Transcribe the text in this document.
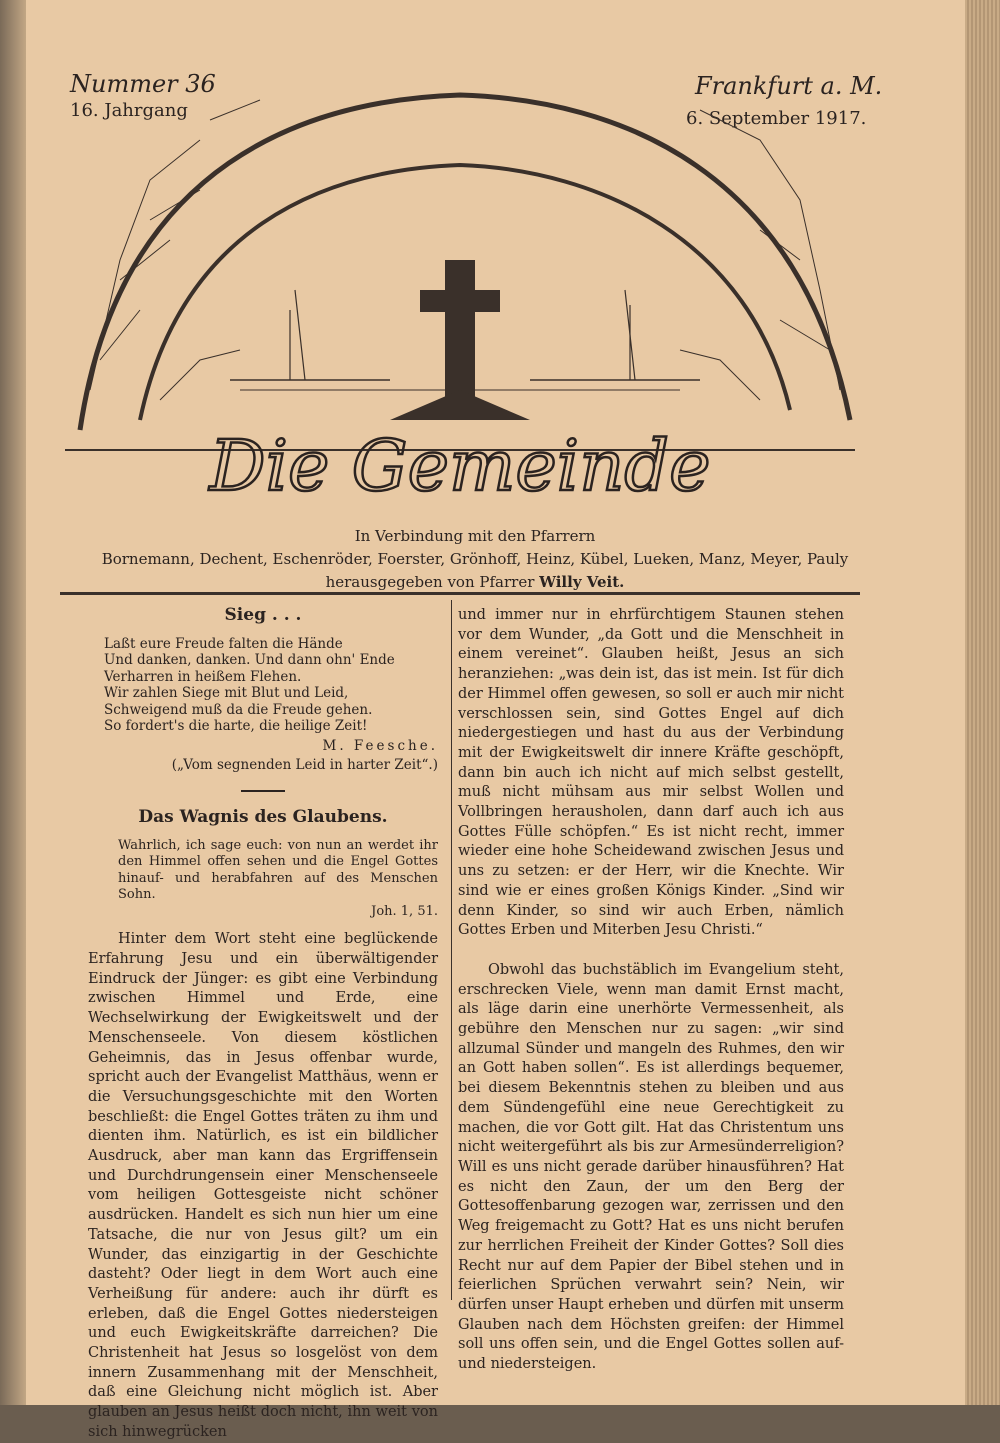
Nummer 36
16. Jahrgang
Frankfurt a. M.
6. September 1917.
Die Gemeinde
In Verbindung mit den Pfarrern
Bornemann, Dechent, Eschenröder, Foerster, Grönhoff, Heinz, Kübel, Lueken, Manz, Meyer, Pauly
herausgegeben von Pfarrer Willy Veit.
Sieg . . .
Laßt eure Freude falten die Hände
Und danken, danken. Und dann ohn' Ende
Verharren in heißem Flehen.
Wir zahlen Siege mit Blut und Leid,
Schweigend muß da die Freude gehen.
So fordert's die harte, die heilige Zeit!
M. Feesche.
(„Vom segnenden Leid in harter Zeit“.)
Das Wagnis des Glaubens.
Wahrlich, ich sage euch: von nun an werdet ihr den Himmel offen sehen und die Engel Gottes hinauf- und herabfahren auf des Menschen Sohn.
Joh. 1, 51.

Hinter dem Wort steht eine beglückende Erfahrung Jesu und ein überwältigender Eindruck der Jünger: es gibt eine Verbindung zwischen Himmel und Erde, eine Wechselwirkung der Ewigkeitswelt und der Menschenseele. Von diesem köstlichen Geheimnis, das in Jesus offenbar wurde, spricht auch der Evangelist Matthäus, wenn er die Versuchungsgeschichte mit den Worten beschließt: die Engel Gottes träten zu ihm und dienten ihm. Natürlich, es ist ein bildlicher Ausdruck, aber man kann das Ergriffensein und Durchdrungensein einer Menschenseele vom heiligen Gottesgeiste nicht schöner ausdrücken. Handelt es sich nun hier um eine Tatsache, die nur von Jesus gilt? um ein Wunder, das einzigartig in der Geschichte dasteht? Oder liegt in dem Wort auch eine Verheißung für andere: auch ihr dürft es erleben, daß die Engel Gottes niedersteigen und euch Ewigkeitskräfte darreichen? Die Christenheit hat Jesus so losgelöst von dem innern Zusammenhang mit der Menschheit, daß eine Gleichung nicht möglich ist. Aber glauben an Jesus heißt doch nicht, ihn weit von sich hinwegrücken

und immer nur in ehrfürchtigem Staunen stehen vor dem Wunder, „da Gott und die Menschheit in einem vereinet“. Glauben heißt, Jesus an sich heranziehen: „was dein ist, das ist mein. Ist für dich der Himmel offen gewesen, so soll er auch mir nicht verschlossen sein, sind Gottes Engel auf dich niedergestiegen und hast du aus der Verbindung mit der Ewigkeitswelt dir innere Kräfte geschöpft, dann bin auch ich nicht auf mich selbst gestellt, muß nicht mühsam aus mir selbst Wollen und Vollbringen herausholen, dann darf auch ich aus Gottes Fülle schöpfen.“ Es ist nicht recht, immer wieder eine hohe Scheidewand zwischen Jesus und uns zu setzen: er der Herr, wir die Knechte. Wir sind wie er eines großen Königs Kinder. „Sind wir denn Kinder, so sind wir auch Erben, nämlich Gottes Erben und Miterben Jesu Christi.“

Obwohl das buchstäblich im Evangelium steht, erschrecken Viele, wenn man damit Ernst macht, als läge darin eine unerhörte Vermessenheit, als gebühre den Menschen nur zu sagen: „wir sind allzumal Sünder und mangeln des Ruhmes, den wir an Gott haben sollen“. Es ist allerdings bequemer, bei diesem Bekenntnis stehen zu bleiben und aus dem Sündengefühl eine neue Gerechtigkeit zu machen, die vor Gott gilt. Hat das Christentum uns nicht weitergeführt als bis zur Armesünderreligion? Will es uns nicht gerade darüber hinausführen? Hat es nicht den Zaun, der um den Berg der Gottesoffenbarung gezogen war, zerrissen und den Weg freigemacht zu Gott? Hat es uns nicht berufen zur herrlichen Freiheit der Kinder Gottes? Soll dies Recht nur auf dem Papier der Bibel stehen und in feierlichen Sprüchen verwahrt sein? Nein, wir dürfen unser Haupt erheben und dürfen mit unserm Glauben nach dem Höchsten greifen: der Himmel soll uns offen sein, und die Engel Gottes sollen auf- und niedersteigen.
